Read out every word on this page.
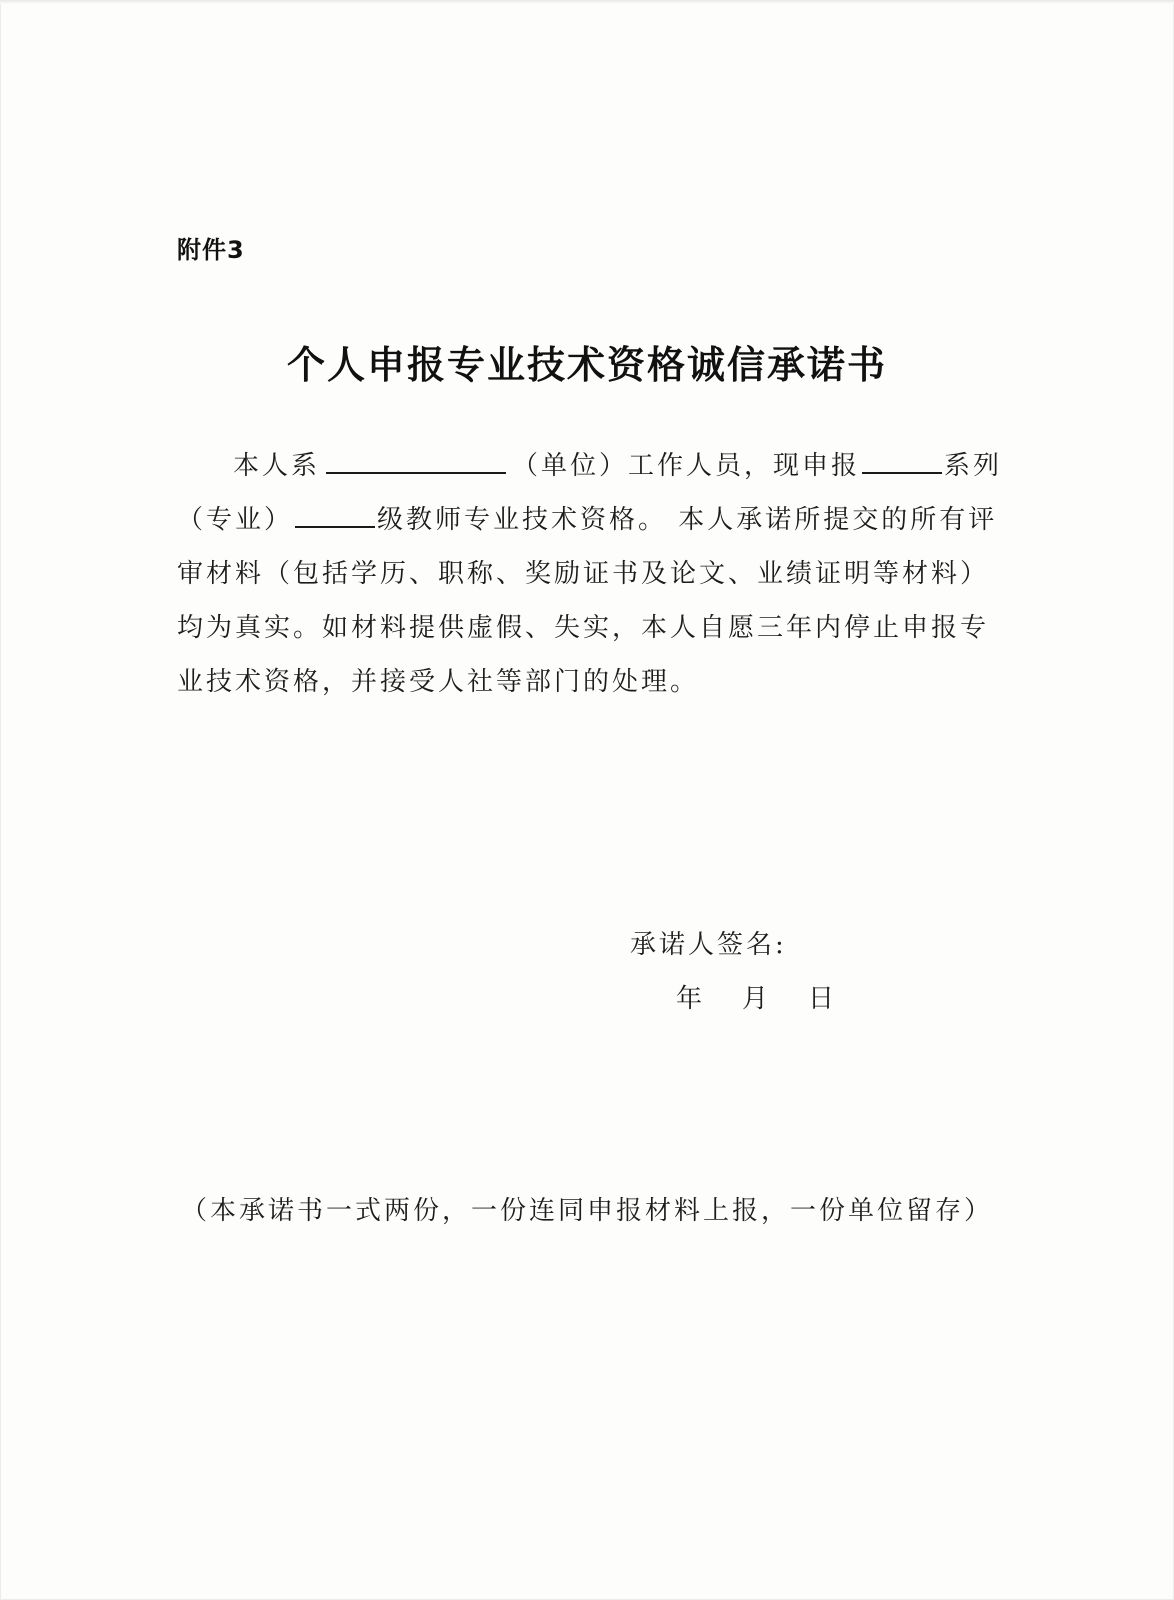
附件3
个人申报专业技术资格诚信承诺书
本人系	（单位）工作人员，现申报	系列
（专业）	级教师专业技术资格。 本人承诺所提交的所有评
审材料（包括学历、职称、奖励证书及论文、业绩证明等材料）
均为真实。如材料提供虚假、失实，本人自愿三年内停止申报专
业技术资格，并接受人社等部门的处理。
承诺人签名:
年 月 日
（本承诺书一式两份，一份连同申报材料上报，一份单位留存）
